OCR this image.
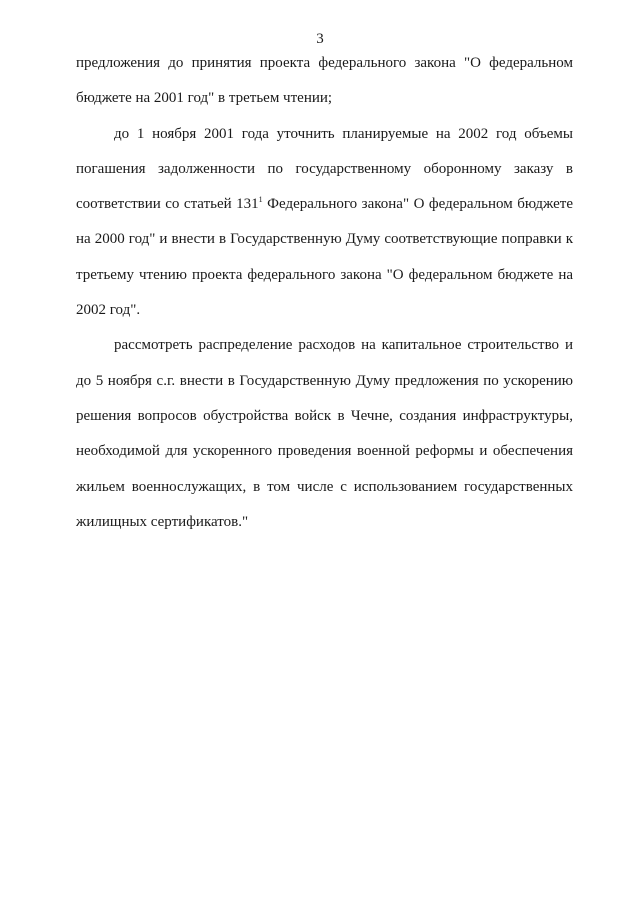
3
предложения до принятия проекта федерального закона "О федеральном
бюджете на 2001 год" в третьем чтении;
до 1 ноября 2001 года уточнить планируемые на 2002 год объемы
погашения задолженности по государственному оборонному заказу в
соответствии со статьей $131^1$ Федерального закона" О федеральном бюджете
на 2000 год" и внести в Государственную Думу соответствующие поправки к
третьему чтению проекта федерального закона "О федеральном бюджете на
2002 год".
рассмотреть распределение расходов на капитальное строительство и
до 5 ноября с.г. внести в Государственную Думу предложения по ускорению
решения вопросов обустройства войск в Чечне, создания инфраструктуры,
необходимой для ускоренного проведения военной реформы и обеспечения
жильем военнослужащих, в том числе с использованием государственных
жилищных сертификатов."
